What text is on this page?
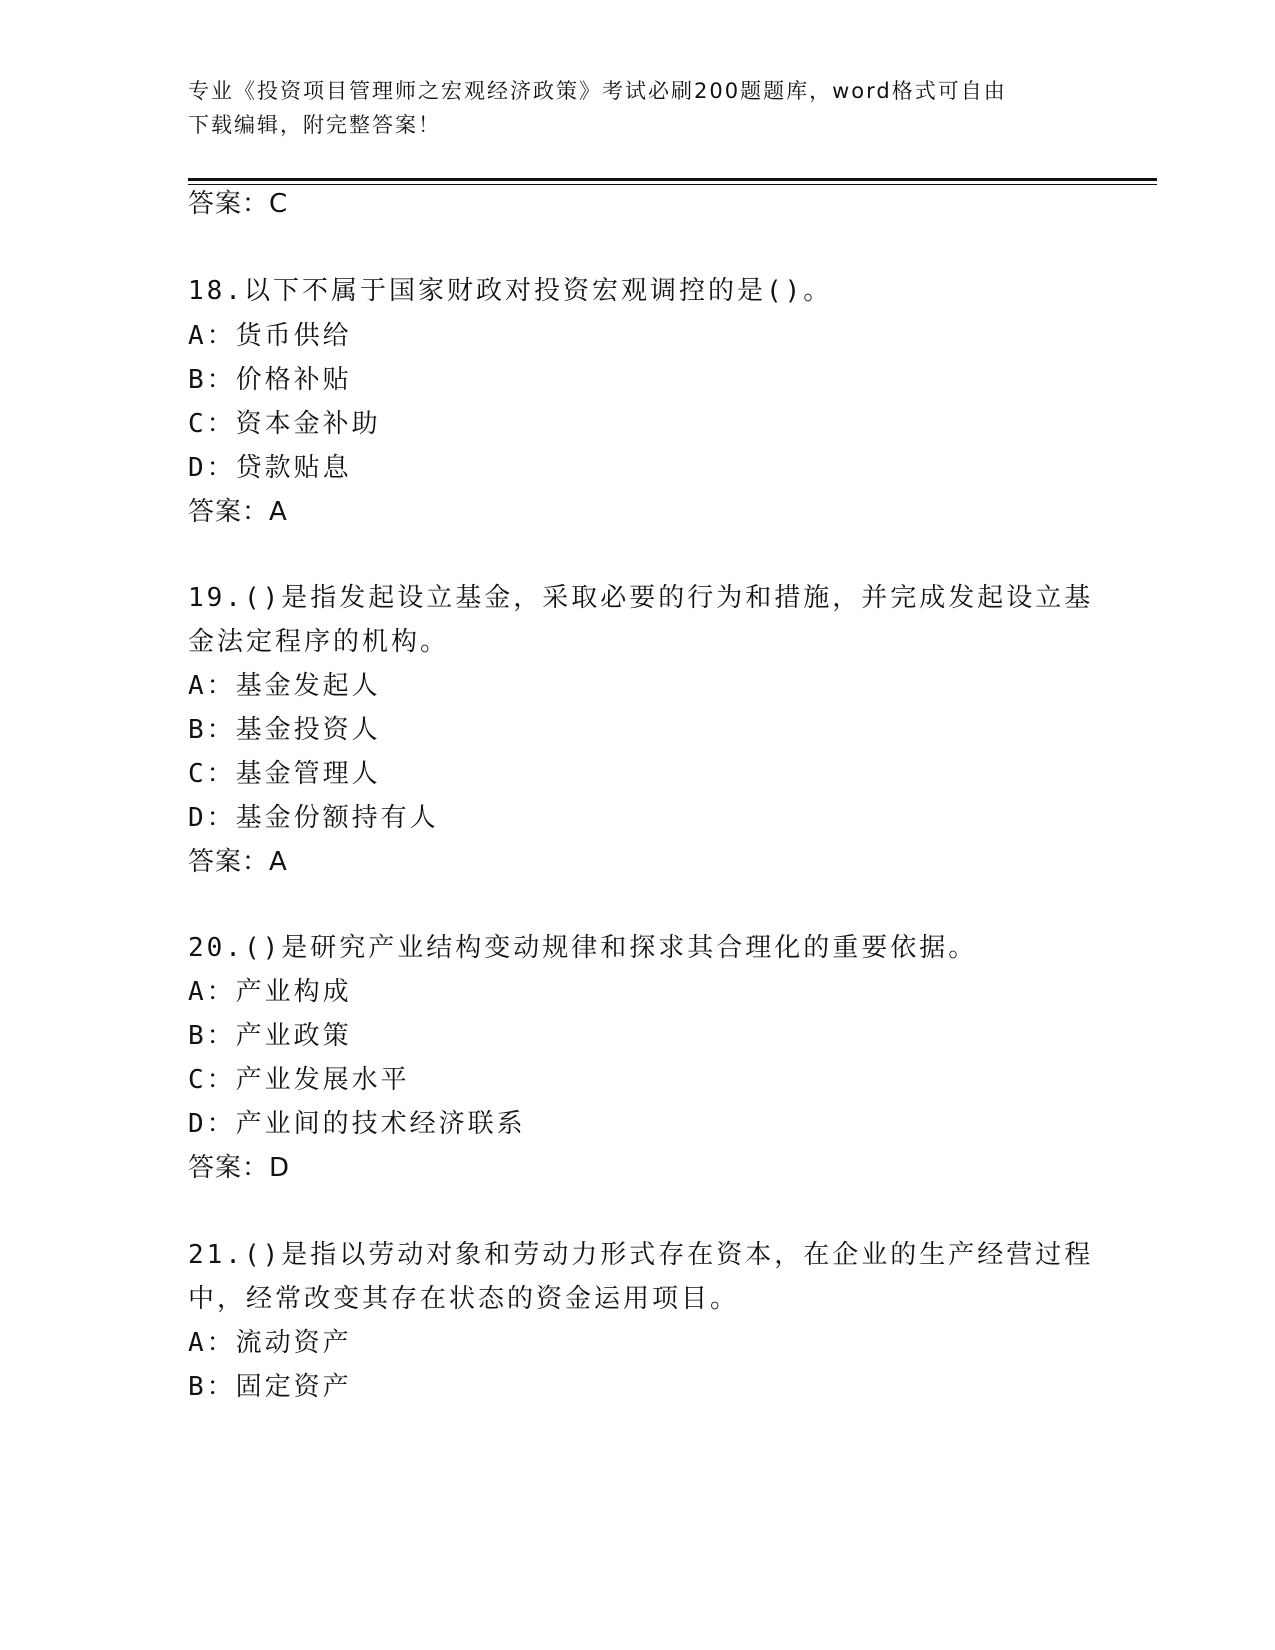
专业《投资项目管理师之宏观经济政策》考试必刷200题题库，word格式可自由
下载编辑，附完整答案！
答案：C
18.以下不属于国家财政对投资宏观调控的是()。
A：货币供给
B：价格补贴
C：资本金补助
D：贷款贴息
答案：A
19.()是指发起设立基金，采取必要的行为和措施，并完成发起设立基
金法定程序的机构。
A：基金发起人
B：基金投资人
C：基金管理人
D：基金份额持有人
答案：A
20.()是研究产业结构变动规律和探求其合理化的重要依据。
A：产业构成
B：产业政策
C：产业发展水平
D：产业间的技术经济联系
答案：D
21.()是指以劳动对象和劳动力形式存在资本，在企业的生产经营过程
中，经常改变其存在状态的资金运用项目。
A：流动资产
B：固定资产
